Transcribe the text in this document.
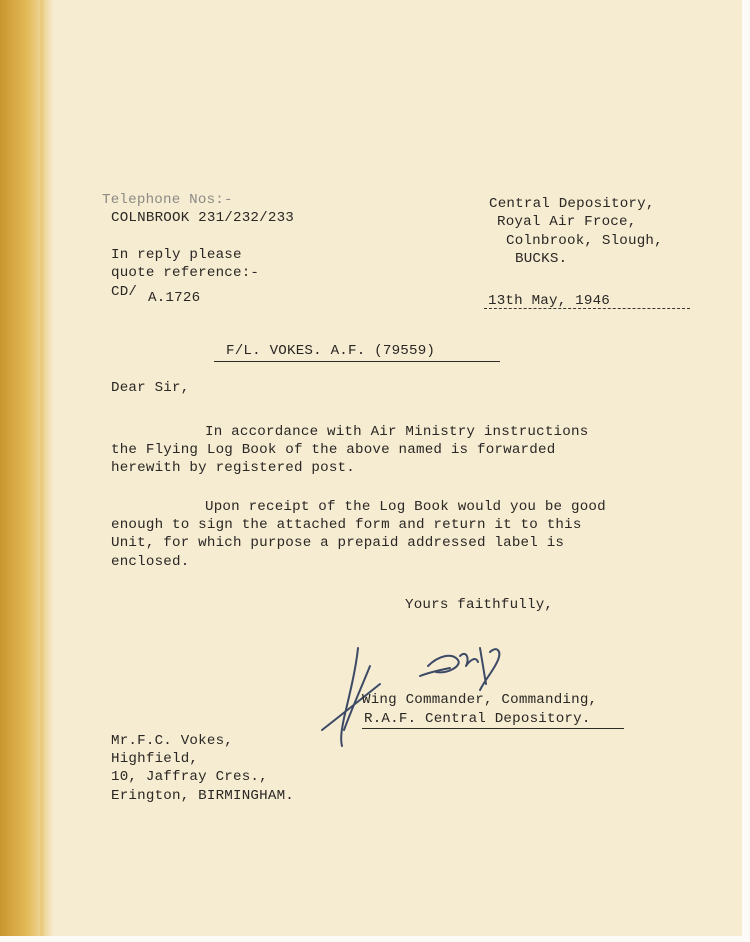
Telephone Nos:-
COLNBROOK 231/232/233
In reply please
quote reference:-
CD/ A.1726
Central Depository,
Royal Air Froce,
Colnbrook, Slough,
BUCKS.
13th May, 1946
F/L. VOKES. A.F. (79559)
Dear Sir,
In accordance with Air Ministry instructions
the Flying Log Book of the above named is forwarded
herewith by registered post.
Upon receipt of the Log Book would you be good
enough to sign the attached form and return it to this
Unit, for which purpose a prepaid addressed label is
enclosed.
Yours faithfully,
Wing Commander, Commanding,
R.A.F. Central Depository.
Mr.F.C. Vokes,
Highfield,
10, Jaffray Cres.,
Erington, BIRMINGHAM.
